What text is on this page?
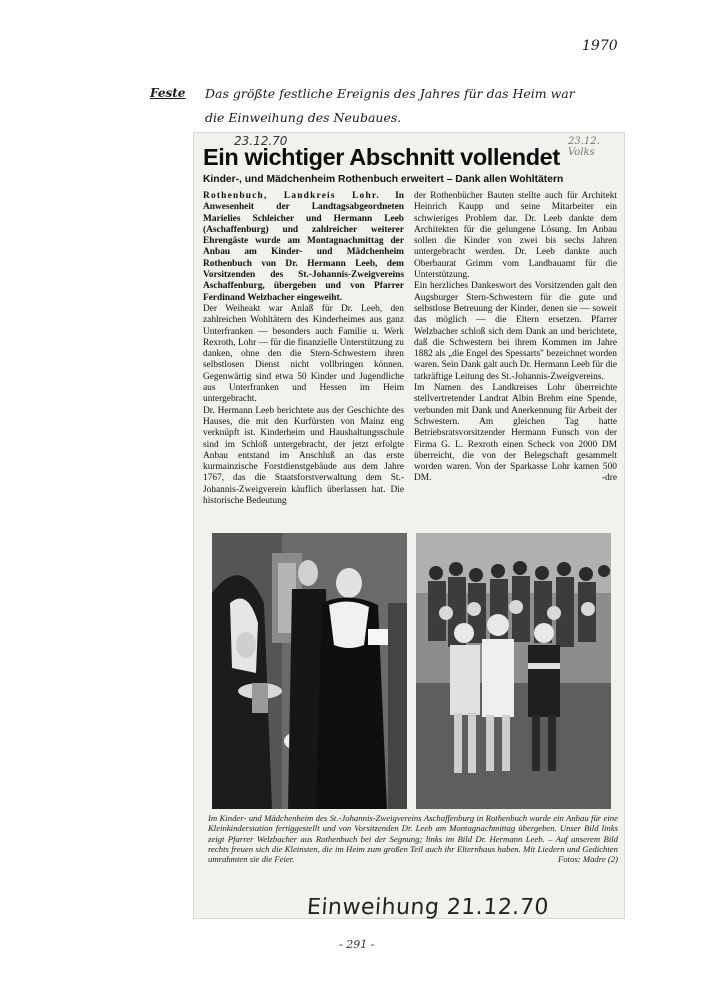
1970
Feste Das größte festliche Ereignis des Jahres für das Heim war
die Einweihung des Neubaues.
23.12.70	23.12. Volks
Ein wichtiger Abschnitt vollendet
Kinder-, und Mädchenheim Rothenbuch erweitert – Dank allen Wohltätern

Rothenbuch, Landkreis Lohr. In Anwesenheit der Landtagsabgeordneten Marielies Schleicher und Hermann Leeb (Aschaffenburg) und zahlreicher weiterer Ehrengäste wurde am Montagnachmittag der Anbau am Kinder- und Mädchenheim Rothenbuch von Dr. Hermann Leeb, dem Vorsitzenden des St.-Johannis-Zweigvereins Aschaffenburg, übergeben und von Pfarrer Ferdinand Welzbacher eingeweiht.

Der Weiheakt war Anlaß für Dr. Leeb, den zahlreichen Wohltätern des Kinderheimes aus ganz Unterfranken — besonders auch Familie u. Werk Rexroth, Lohr — für die finanzielle Unterstützung zu danken, ohne den die Stern-Schwestern ihren selbstlosen Dienst nicht vollbringen können. Gegenwärtig sind etwa 50 Kinder und Jugendliche aus Unterfranken und Hessen im Heim untergebracht.

Dr. Hermann Leeb berichtete aus der Geschichte des Hauses, die mit den Kurfürsten von Mainz eng verknüpft ist. Kinderheim und Haushaltungsschule sind im Schloß untergebracht, der jetzt erfolgte Anbau entstand im Anschluß an das erste kurmainzische Forstdienstgebäude aus dem Jahre 1767, das die Staatsforstverwaltung dem St.-Johannis-Zweigverein käuflich überlassen hat. Die historische Bedeutung

der Rothenbücher Bauten stellte auch für Architekt Heinrich Kaupp und seine Mitarbeiter ein schwieriges Problem dar. Dr. Leeb dankte dem Architekten für die gelungene Lösung. Im Anbau sollen die Kinder von zwei bis sechs Jahren untergebracht werden. Dr. Leeb dankte auch Oberbaurat Grimm vom Landbauamt für die Unterstützung.

Ein herzliches Dankeswort des Vorsitzenden galt den Augsburger Stern-Schwestern für die gute und selbstlose Betreuung der Kinder, denen sie — soweit das möglich — die Eltern ersetzen. Pfarrer Welzbacher schloß sich dem Dank an und berichtete, daß die Schwestern bei ihrem Kommen im Jahre 1882 als „die Engel des Spessarts" bezeichnet worden waren. Sein Dank galt auch Dr. Hermann Leeb für die tatkräftige Leitung des St.-Johannis-Zweigvereins.

Im Namen des Landkreises Lohr überreichte stellvertretender Landrat Albin Brehm eine Spende, verbunden mit Dank und Anerkennung für Arbeit der Schwestern. Am gleichen Tag hatte Betriebsratsvorsitzender Hermann Funsch von der Firma G. L. Rexroth einen Scheck von 2000 DM überreicht, die von der Belegschaft gesammelt worden waren. Von der Sparkasse Lohr kamen 500 DM.	-dre

Im Kinder- und Mädchenheim des St.-Johannis-Zweigvereins Aschaffenburg in Rothenbuch wurde ein Anbau für eine Kleinkinderstation fertiggestellt und von Vorsitzenden Dr. Leeb am Montagnachmittag übergeben. Unser Bild links zeigt Pfarrer Welzbacher aus Rothenbuch bei der Segnung; links im Bild Dr. Hermann Leeb. – Auf unserem Bild rechts freuen sich die Kleinsten, die im Heim zum großen Teil auch ihr Elternhaus haben. Mit Liedern und Gedichten umrahmten sie die Feier.	Fotos: Madre (2)
Einweihung 21.12.70
- 291 -
